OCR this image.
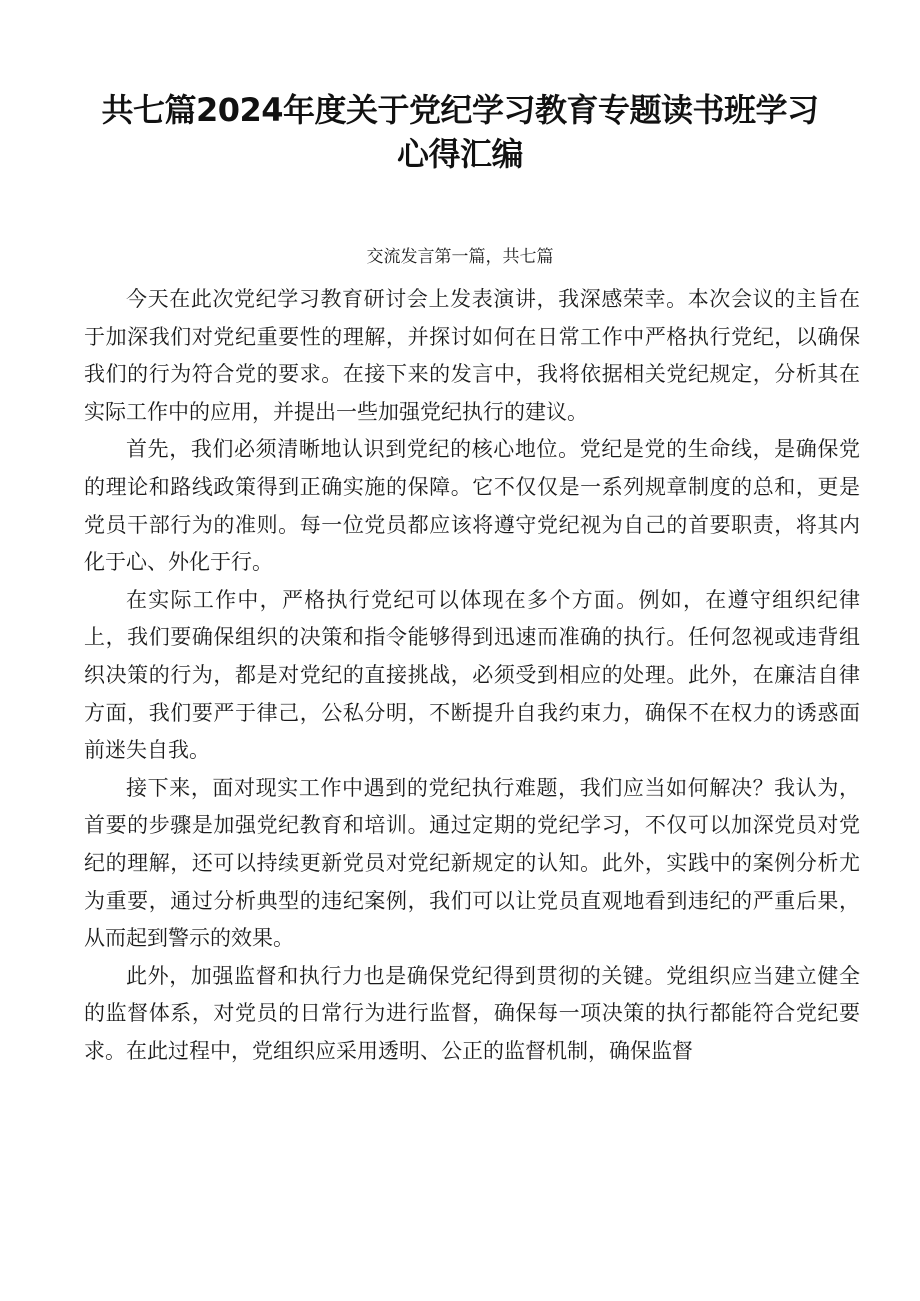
共七篇2024年度关于党纪学习教育专题读书班学习心得汇编
交流发言第一篇，共七篇

今天在此次党纪学习教育研讨会上发表演讲，我深感荣幸。本次会议的主旨在于加深我们对党纪重要性的理解，并探讨如何在日常工作中严格执行党纪，以确保我们的行为符合党的要求。在接下来的发言中，我将依据相关党纪规定，分析其在实际工作中的应用，并提出一些加强党纪执行的建议。

首先，我们必须清晰地认识到党纪的核心地位。党纪是党的生命线，是确保党的理论和路线政策得到正确实施的保障。它不仅仅是一系列规章制度的总和，更是党员干部行为的准则。每一位党员都应该将遵守党纪视为自己的首要职责，将其内化于心、外化于行。

在实际工作中，严格执行党纪可以体现在多个方面。例如，在遵守组织纪律上，我们要确保组织的决策和指令能够得到迅速而准确的执行。任何忽视或违背组织决策的行为，都是对党纪的直接挑战，必须受到相应的处理。此外，在廉洁自律方面，我们要严于律己，公私分明，不断提升自我约束力，确保不在权力的诱惑面前迷失自我。

接下来，面对现实工作中遇到的党纪执行难题，我们应当如何解决？我认为，首要的步骤是加强党纪教育和培训。通过定期的党纪学习，不仅可以加深党员对党纪的理解，还可以持续更新党员对党纪新规定的认知。此外，实践中的案例分析尤为重要，通过分析典型的违纪案例，我们可以让党员直观地看到违纪的严重后果，从而起到警示的效果。

此外，加强监督和执行力也是确保党纪得到贯彻的关键。党组织应当建立健全的监督体系，对党员的日常行为进行监督，确保每一项决策的执行都能符合党纪要求。在此过程中，党组织应采用透明、公正的监督机制，确保监督
